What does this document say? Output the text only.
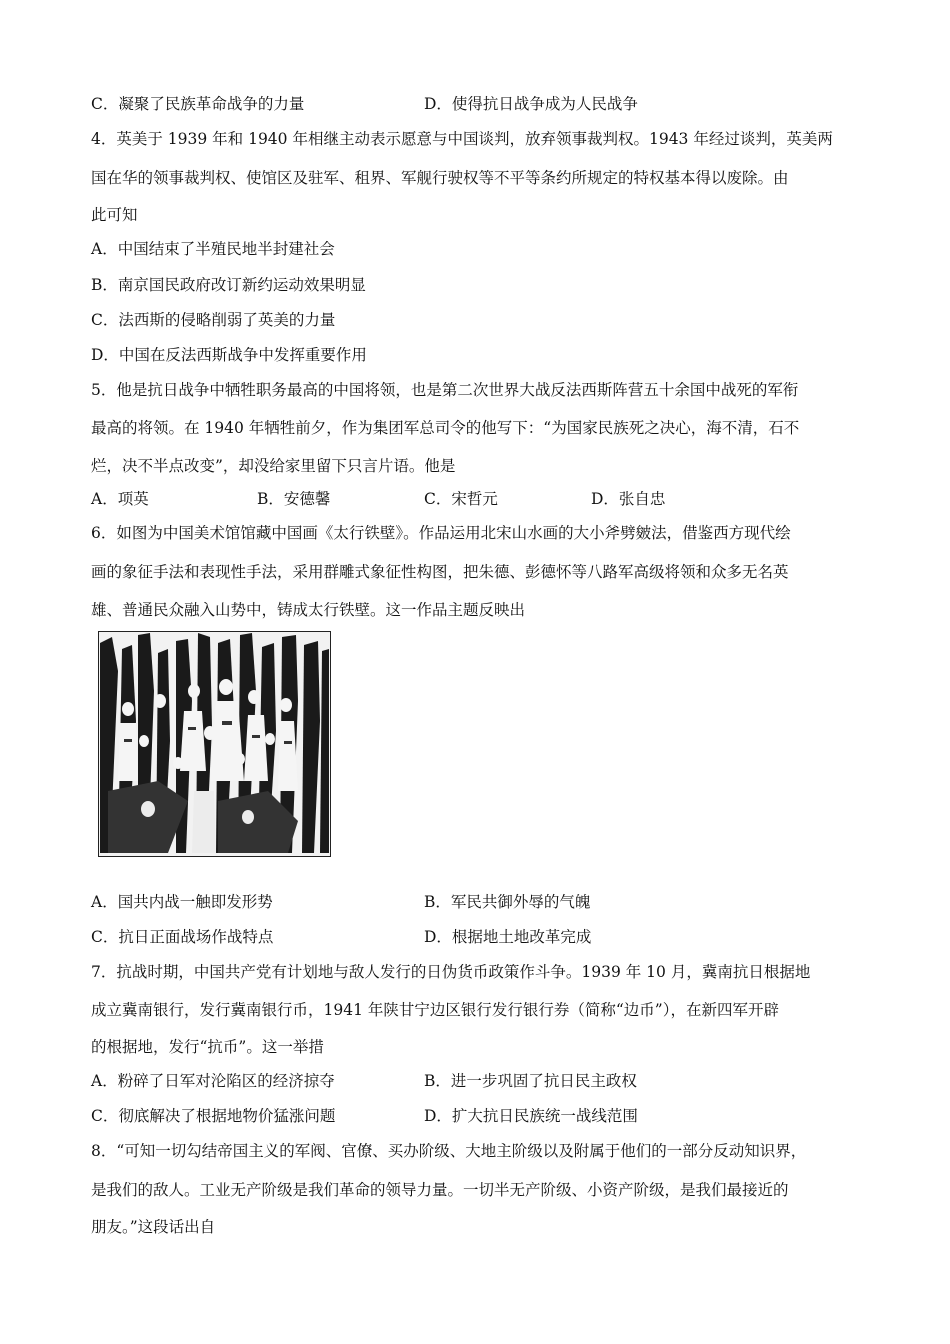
C．凝聚了民族革命战争的力量	D．使得抗日战争成为人民战争
4．英美于 1939 年和 1940 年相继主动表示愿意与中国谈判，放弃领事裁判权。1943 年经过谈判，英美两
国在华的领事裁判权、使馆区及驻军、租界、军舰行驶权等不平等条约所规定的特权基本得以废除。由
此可知
A．中国结束了半殖民地半封建社会
B．南京国民政府改订新约运动效果明显
C．法西斯的侵略削弱了英美的力量
D．中国在反法西斯战争中发挥重要作用
5．他是抗日战争中牺牲职务最高的中国将领，也是第二次世界大战反法西斯阵营五十余国中战死的军衔
最高的将领。在 1940 年牺牲前夕，作为集团军总司令的他写下：“为国家民族死之决心，海不清，石不
烂，决不半点改变”，却没给家里留下只言片语。他是
A．项英	B．安德馨	C．宋哲元	D．张自忠
6．如图为中国美术馆馆藏中国画《太行铁壁》。作品运用北宋山水画的大小斧劈皴法，借鉴西方现代绘
画的象征手法和表现性手法，采用群雕式象征性构图，把朱德、彭德怀等八路军高级将领和众多无名英
雄、普通民众融入山势中，铸成太行铁壁。这一作品主题反映出
A．国共内战一触即发形势	B．军民共御外辱的气魄
C．抗日正面战场作战特点	D．根据地土地改革完成
7．抗战时期，中国共产党有计划地与敌人发行的日伪货币政策作斗争。1939 年 10 月，冀南抗日根据地
成立冀南银行，发行冀南银行币，1941 年陕甘宁边区银行发行银行券（简称“边币”），在新四军开辟
的根据地，发行“抗币”。这一举措
A．粉碎了日军对沦陷区的经济掠夺	B．进一步巩固了抗日民主政权
C．彻底解决了根据地物价猛涨问题	D．扩大抗日民族统一战线范围
8．“可知一切勾结帝国主义的军阀、官僚、买办阶级、大地主阶级以及附属于他们的一部分反动知识界，
是我们的敌人。工业无产阶级是我们革命的领导力量。一切半无产阶级、小资产阶级，是我们最接近的
朋友。”这段话出自
